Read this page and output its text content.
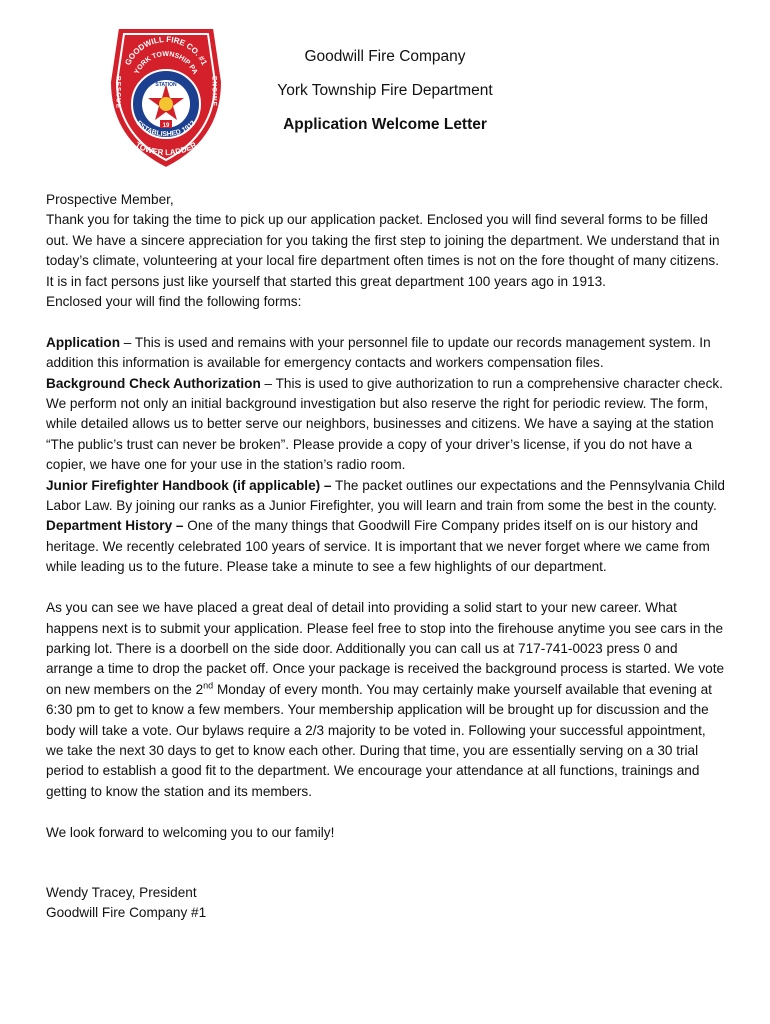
19
GOODWILL FIRE CO. #1
YORK TOWNSHIP PA
STATION
RESCUE	ENGINE
ESTABLISHED 1913
TOWER LADDER
Goodwill Fire Company
York Township Fire Department
Application Welcome Letter

Prospective Member,

Thank you for taking the time to pick up our application packet. Enclosed you will find several forms to be filled out. We have a sincere appreciation for you taking the first step to joining the department. We understand that in today’s climate, volunteering at your local fire department often times is not on the fore thought of many citizens. It is in fact persons just like yourself that started this great department 100 years ago in 1913.

Enclosed your will find the following forms:

Application – This is used and remains with your personnel file to update our records management system. In addition this information is available for emergency contacts and workers compensation files.

Background Check Authorization – This is used to give authorization to run a comprehensive character check. We perform not only an initial background investigation but also reserve the right for periodic review. The form, while detailed allows us to better serve our neighbors, businesses and citizens. We have a saying at the station “The public’s trust can never be broken”. Please provide a copy of your driver’s license, if you do not have a copier, we have one for your use in the station’s radio room.

Junior Firefighter Handbook (if applicable) – The packet outlines our expectations and the Pennsylvania Child Labor Law. By joining our ranks as a Junior Firefighter, you will learn and train from some the best in the county.

Department History – One of the many things that Goodwill Fire Company prides itself on is our history and heritage. We recently celebrated 100 years of service. It is important that we never forget where we came from while leading us to the future. Please take a minute to see a few highlights of our department.

As you can see we have placed a great deal of detail into providing a solid start to your new career. What happens next is to submit your application. Please feel free to stop into the firehouse anytime you see cars in the parking lot. There is a doorbell on the side door. Additionally you can call us at 717-741-0023 press 0 and arrange a time to drop the packet off. Once your package is received the background process is started. We vote on new members on the 2nd Monday of every month. You may certainly make yourself available that evening at 6:30 pm to get to know a few members. Your membership application will be brought up for discussion and the body will take a vote. Our bylaws require a 2/3 majority to be voted in. Following your successful appointment, we take the next 30 days to get to know each other. During that time, you are essentially serving on a 30 trial period to establish a good fit to the department. We encourage your attendance at all functions, trainings and getting to know the station and its members.

We look forward to welcoming you to our family!

Wendy Tracey, President

Goodwill Fire Company #1
